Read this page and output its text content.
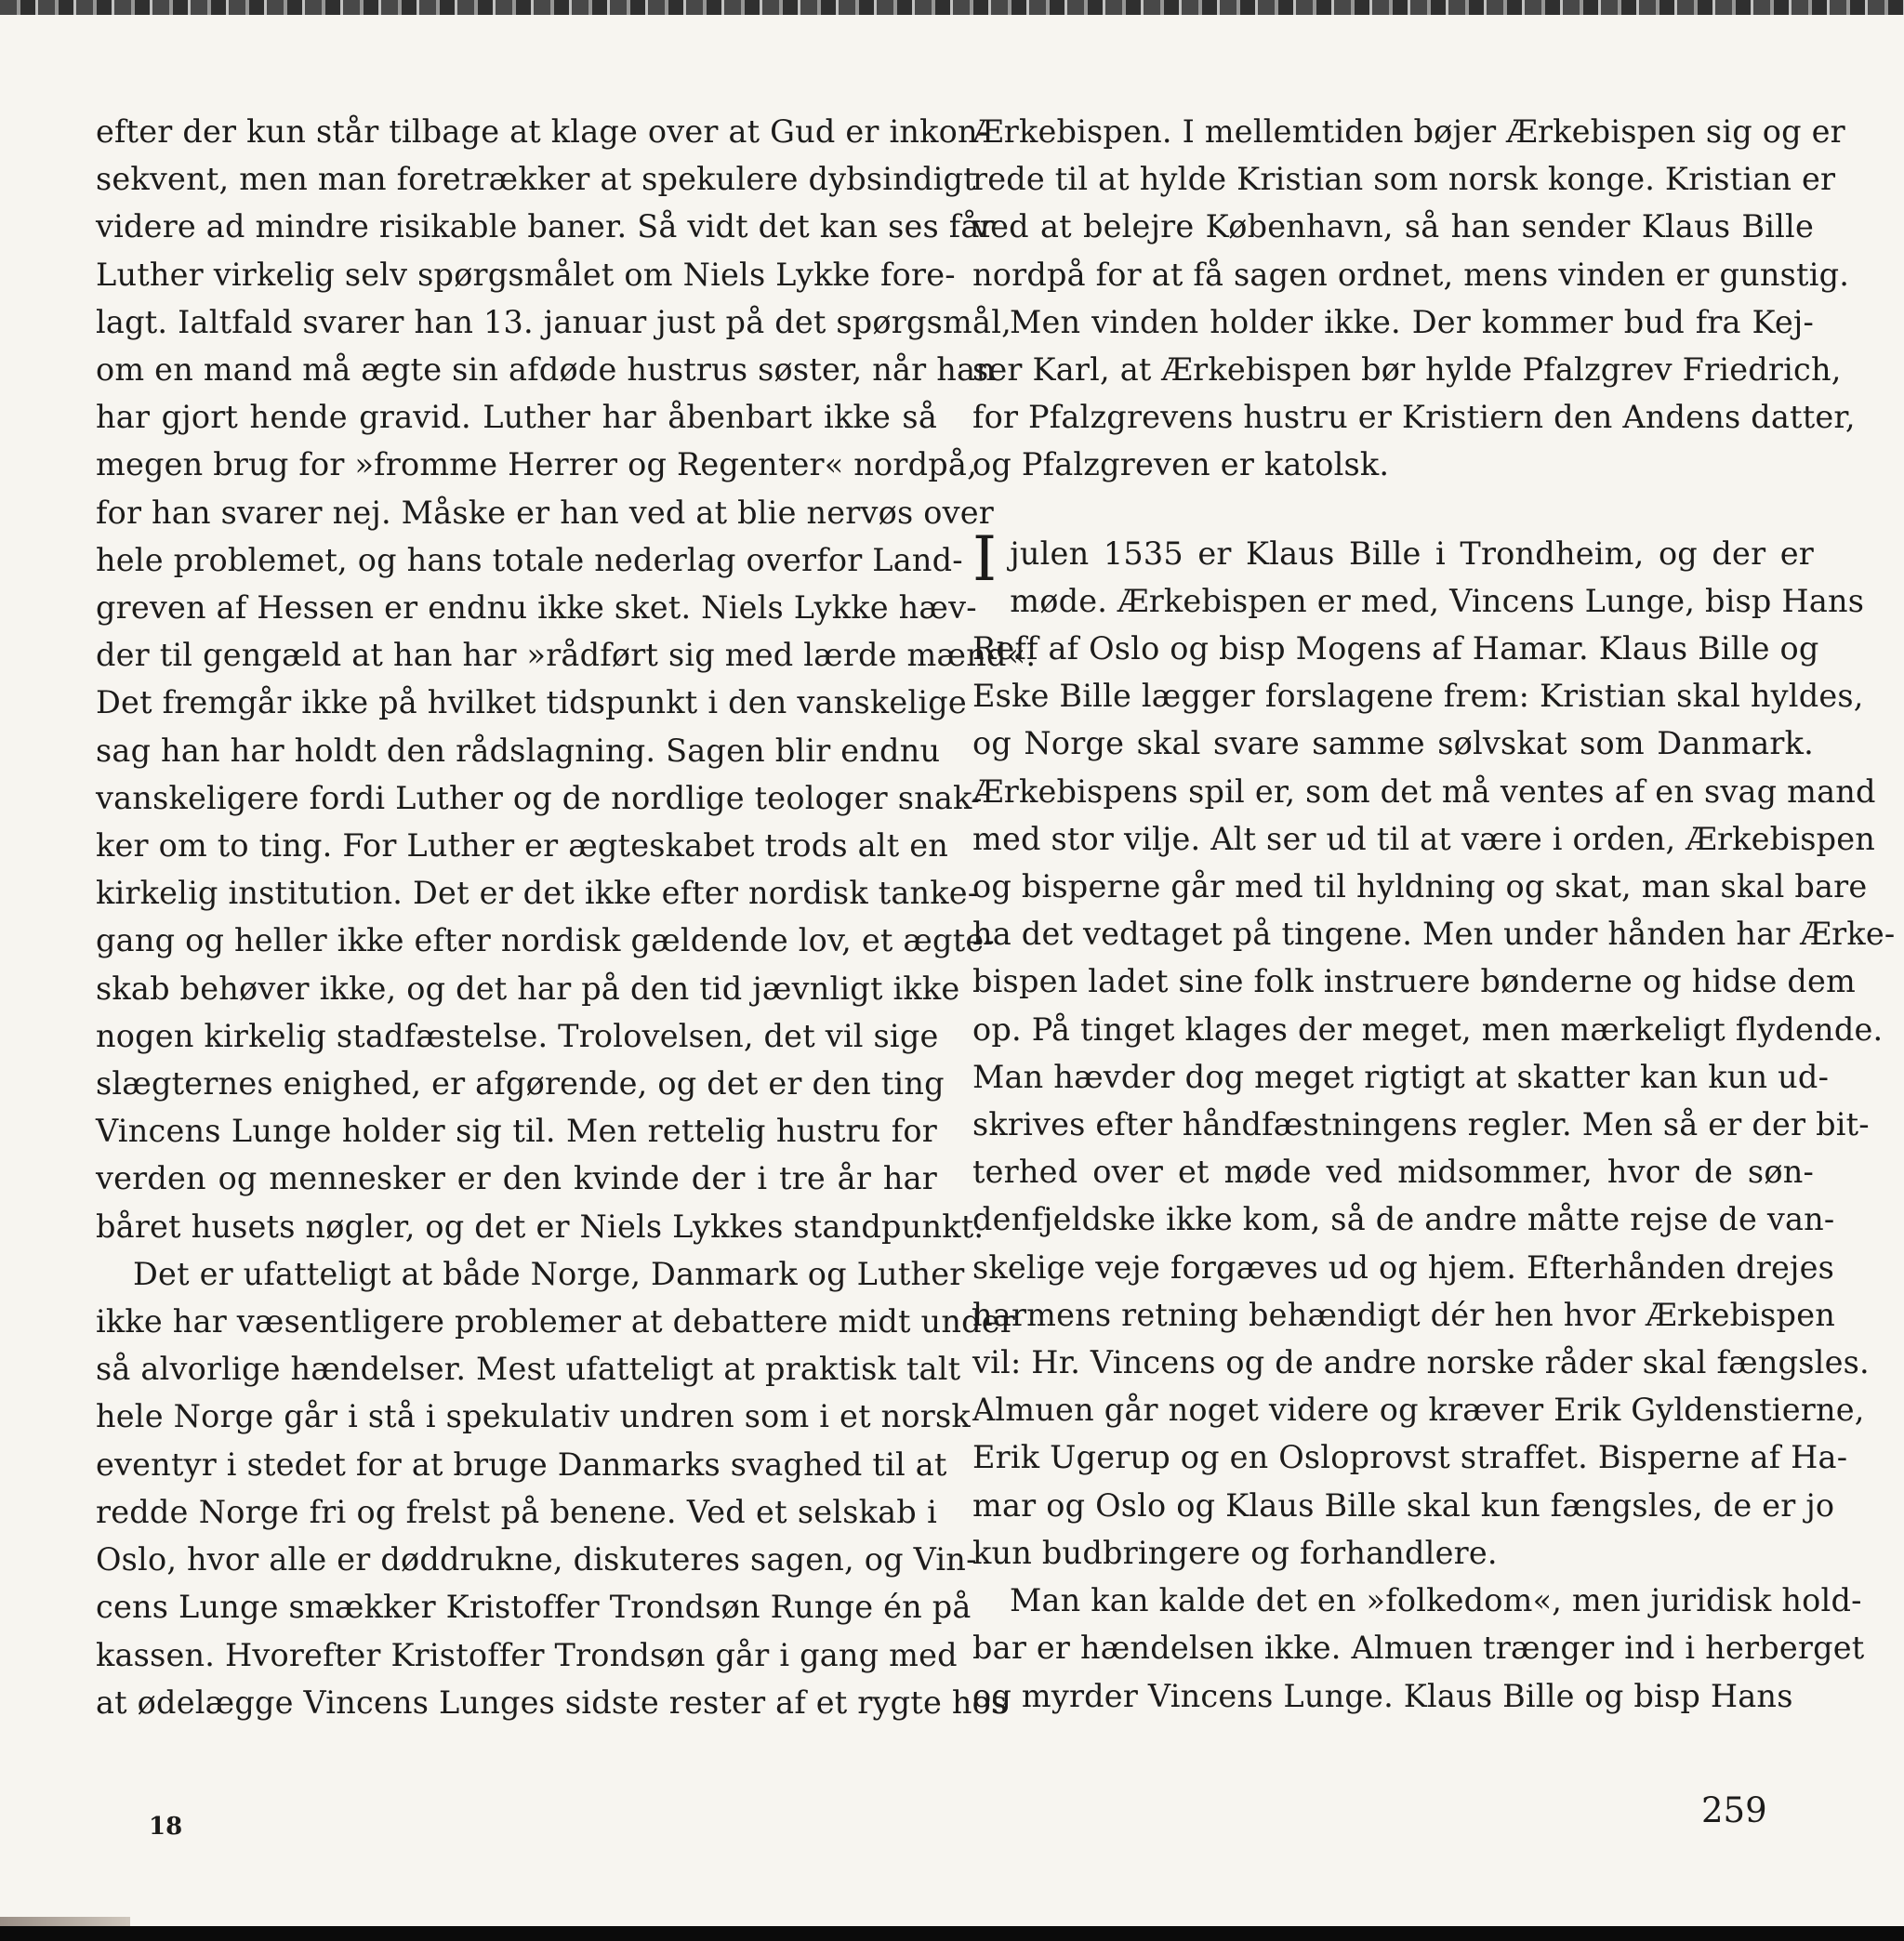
efter der kun står tilbage at klage over at Gud er inkon-
sekvent, men man foretrækker at spekulere dybsindigt
videre ad mindre risikable baner. Så vidt det kan ses får
Luther virkelig selv spørgsmålet om Niels Lykke fore-
lagt. Ialtfald svarer han 13. januar just på det spørgsmål,
om en mand må ægte sin afdøde hustrus søster, når han
har gjort hende gravid. Luther har åbenbart ikke så
megen brug for »fromme Herrer og Regenter« nordpå,
for han svarer nej. Måske er han ved at blie nervøs over
hele problemet, og hans totale nederlag overfor Land-
greven af Hessen er endnu ikke sket. Niels Lykke hæv-
der til gengæld at han har »rådført sig med lærde mænd«.
Det fremgår ikke på hvilket tidspunkt i den vanskelige
sag han har holdt den rådslagning. Sagen blir endnu
vanskeligere fordi Luther og de nordlige teologer snak-
ker om to ting. For Luther er ægteskabet trods alt en
kirkelig institution. Det er det ikke efter nordisk tanke-
gang og heller ikke efter nordisk gældende lov, et ægte-
skab behøver ikke, og det har på den tid jævnligt ikke
nogen kirkelig stadfæstelse. Trolovelsen, det vil sige
slægternes enighed, er afgørende, og det er den ting
Vincens Lunge holder sig til. Men rettelig hustru for
verden og mennesker er den kvinde der i tre år har
båret husets nøgler, og det er Niels Lykkes standpunkt.

Det er ufatteligt at både Norge, Danmark og Luther
ikke har væsentligere problemer at debattere midt under
så alvorlige hændelser. Mest ufatteligt at praktisk talt
hele Norge går i stå i spekulativ undren som i et norsk
eventyr i stedet for at bruge Danmarks svaghed til at
redde Norge fri og frelst på benene. Ved et selskab i
Oslo, hvor alle er døddrukne, diskuteres sagen, og Vin-
cens Lunge smækker Kristoffer Trondsøn Runge én på
kassen. Hvorefter Kristoffer Trondsøn går i gang med
at ødelægge Vincens Lunges sidste rester af et rygte hos

Ærkebispen. I mellemtiden bøjer Ærkebispen sig og er
rede til at hylde Kristian som norsk konge. Kristian er
ved at belejre København, så han sender Klaus Bille
nordpå for at få sagen ordnet, mens vinden er gunstig.

Men vinden holder ikke. Der kommer bud fra Kej-
ser Karl, at Ærkebispen bør hylde Pfalzgrev Friedrich,
for Pfalzgrevens hustru er Kristiern den Andens datter,
og Pfalzgreven er katolsk.

I julen 1535 er Klaus Bille i Trondheim, og der er
møde. Ærkebispen er med, Vincens Lunge, bisp Hans
Reff af Oslo og bisp Mogens af Hamar. Klaus Bille og
Eske Bille lægger forslagene frem: Kristian skal hyldes,
og Norge skal svare samme sølvskat som Danmark.
Ærkebispens spil er, som det må ventes af en svag mand
med stor vilje. Alt ser ud til at være i orden, Ærkebispen
og bisperne går med til hyldning og skat, man skal bare
ha det vedtaget på tingene. Men under hånden har Ærke-
bispen ladet sine folk instruere bønderne og hidse dem
op. På tinget klages der meget, men mærkeligt flydende.
Man hævder dog meget rigtigt at skatter kan kun ud-
skrives efter håndfæstningens regler. Men så er der bit-
terhed over et møde ved midsommer, hvor de søn-
denfjeldske ikke kom, så de andre måtte rejse de van-
skelige veje forgæves ud og hjem. Efterhånden drejes
harmens retning behændigt dér hen hvor Ærkebispen
vil: Hr. Vincens og de andre norske råder skal fængsles.
Almuen går noget videre og kræver Erik Gyldenstierne,
Erik Ugerup og en Osloprovst straffet. Bisperne af Ha-
mar og Oslo og Klaus Bille skal kun fængsles, de er jo
kun budbringere og forhandlere.

Man kan kalde det en »folkedom«, men juridisk hold-
bar er hændelsen ikke. Almuen trænger ind i herberget
og myrder Vincens Lunge. Klaus Bille og bisp Hans

18	259
